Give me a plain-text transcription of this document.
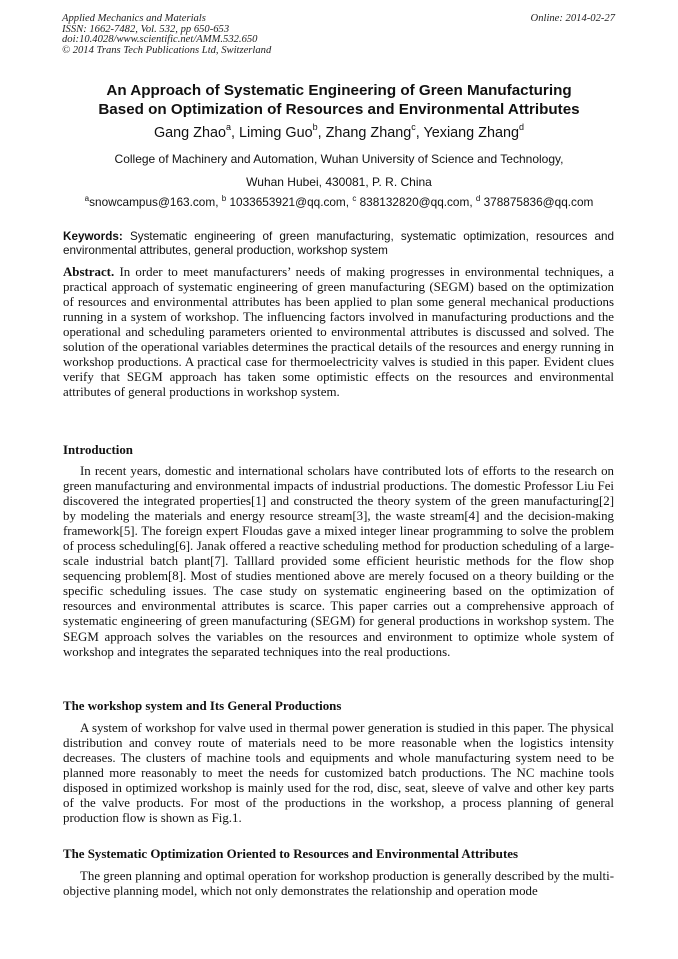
Applied Mechanics and Materials
ISSN: 1662-7482, Vol. 532, pp 650-653
doi:10.4028/www.scientific.net/AMM.532.650
© 2014 Trans Tech Publications Ltd, Switzerland
Online: 2014-02-27
An Approach of Systematic Engineering of Green Manufacturing
Based on Optimization of Resources and Environmental Attributes
Gang Zhao$^a$, Liming Guo$^b$, Zhang Zhang$^c$, Yexiang Zhang$^d$
College of Machinery and Automation, Wuhan University of Science and Technology,
Wuhan Hubei, 430081, P. R. China
$^a$snowcampus@163.com, $^b$ 1033653921@qq.com, $^c$ 838132820@qq.com, $^d$ 378875836@qq.com
Keywords: Systematic engineering of green manufacturing, systematic optimization, resources and environmental attributes, general production, workshop system
Abstract. In order to meet manufacturers’ needs of making progresses in environmental techniques, a practical approach of systematic engineering of green manufacturing (SEGM) based on the optimization of resources and environmental attributes has been applied to plan some general mechanical productions running in a system of workshop. The influencing factors involved in manufacturing productions and the operational and scheduling parameters oriented to environmental attributes is discussed and solved. The solution of the operational variables determines the practical details of the resources and energy running in workshop productions. A practical case for thermoelectricity valves is studied in this paper. Evident clues verify that SEGM approach has taken some optimistic effects on the resources and environmental attributes of general productions in workshop system.
Introduction
In recent years, domestic and international scholars have contributed lots of efforts to the research on green manufacturing and environmental impacts of industrial productions. The domestic Professor Liu Fei discovered the integrated properties[1] and constructed the theory system of the green manufacturing[2] by modeling the materials and energy resource stream[3], the waste stream[4] and the decision-making framework[5]. The foreign expert Floudas gave a mixed integer linear programming to solve the problem of process scheduling[6]. Janak offered a reactive scheduling method for production scheduling of a large-scale industrial batch plant[7]. Talllard provided some efficient heuristic methods for the flow shop sequencing problem[8]. Most of studies mentioned above are merely focused on a theory building or the specific scheduling issues. The case study on systematic engineering based on the optimization of resources and environmental attributes is scarce. This paper carries out a comprehensive approach of systematic engineering of green manufacturing (SEGM) for general productions in workshop system. The SEGM approach solves the variables on the resources and environment to optimize whole system of workshop and integrates the separated techniques into the real productions.
The workshop system and Its General Productions
A system of workshop for valve used in thermal power generation is studied in this paper. The physical distribution and convey route of materials need to be more reasonable when the logistics intensity decreases. The clusters of machine tools and equipments and whole manufacturing system need to be planned more reasonably to meet the needs for customized batch productions. The NC machine tools disposed in optimized workshop is mainly used for the rod, disc, seat, sleeve of valve and other key parts of the valve products. For most of the productions in the workshop, a process planning of general production flow is shown as Fig.1.
The Systematic Optimization Oriented to Resources and Environmental Attributes
The green planning and optimal operation for workshop production is generally described by the multi-objective planning model, which not only demonstrates the relationship and operation mode
